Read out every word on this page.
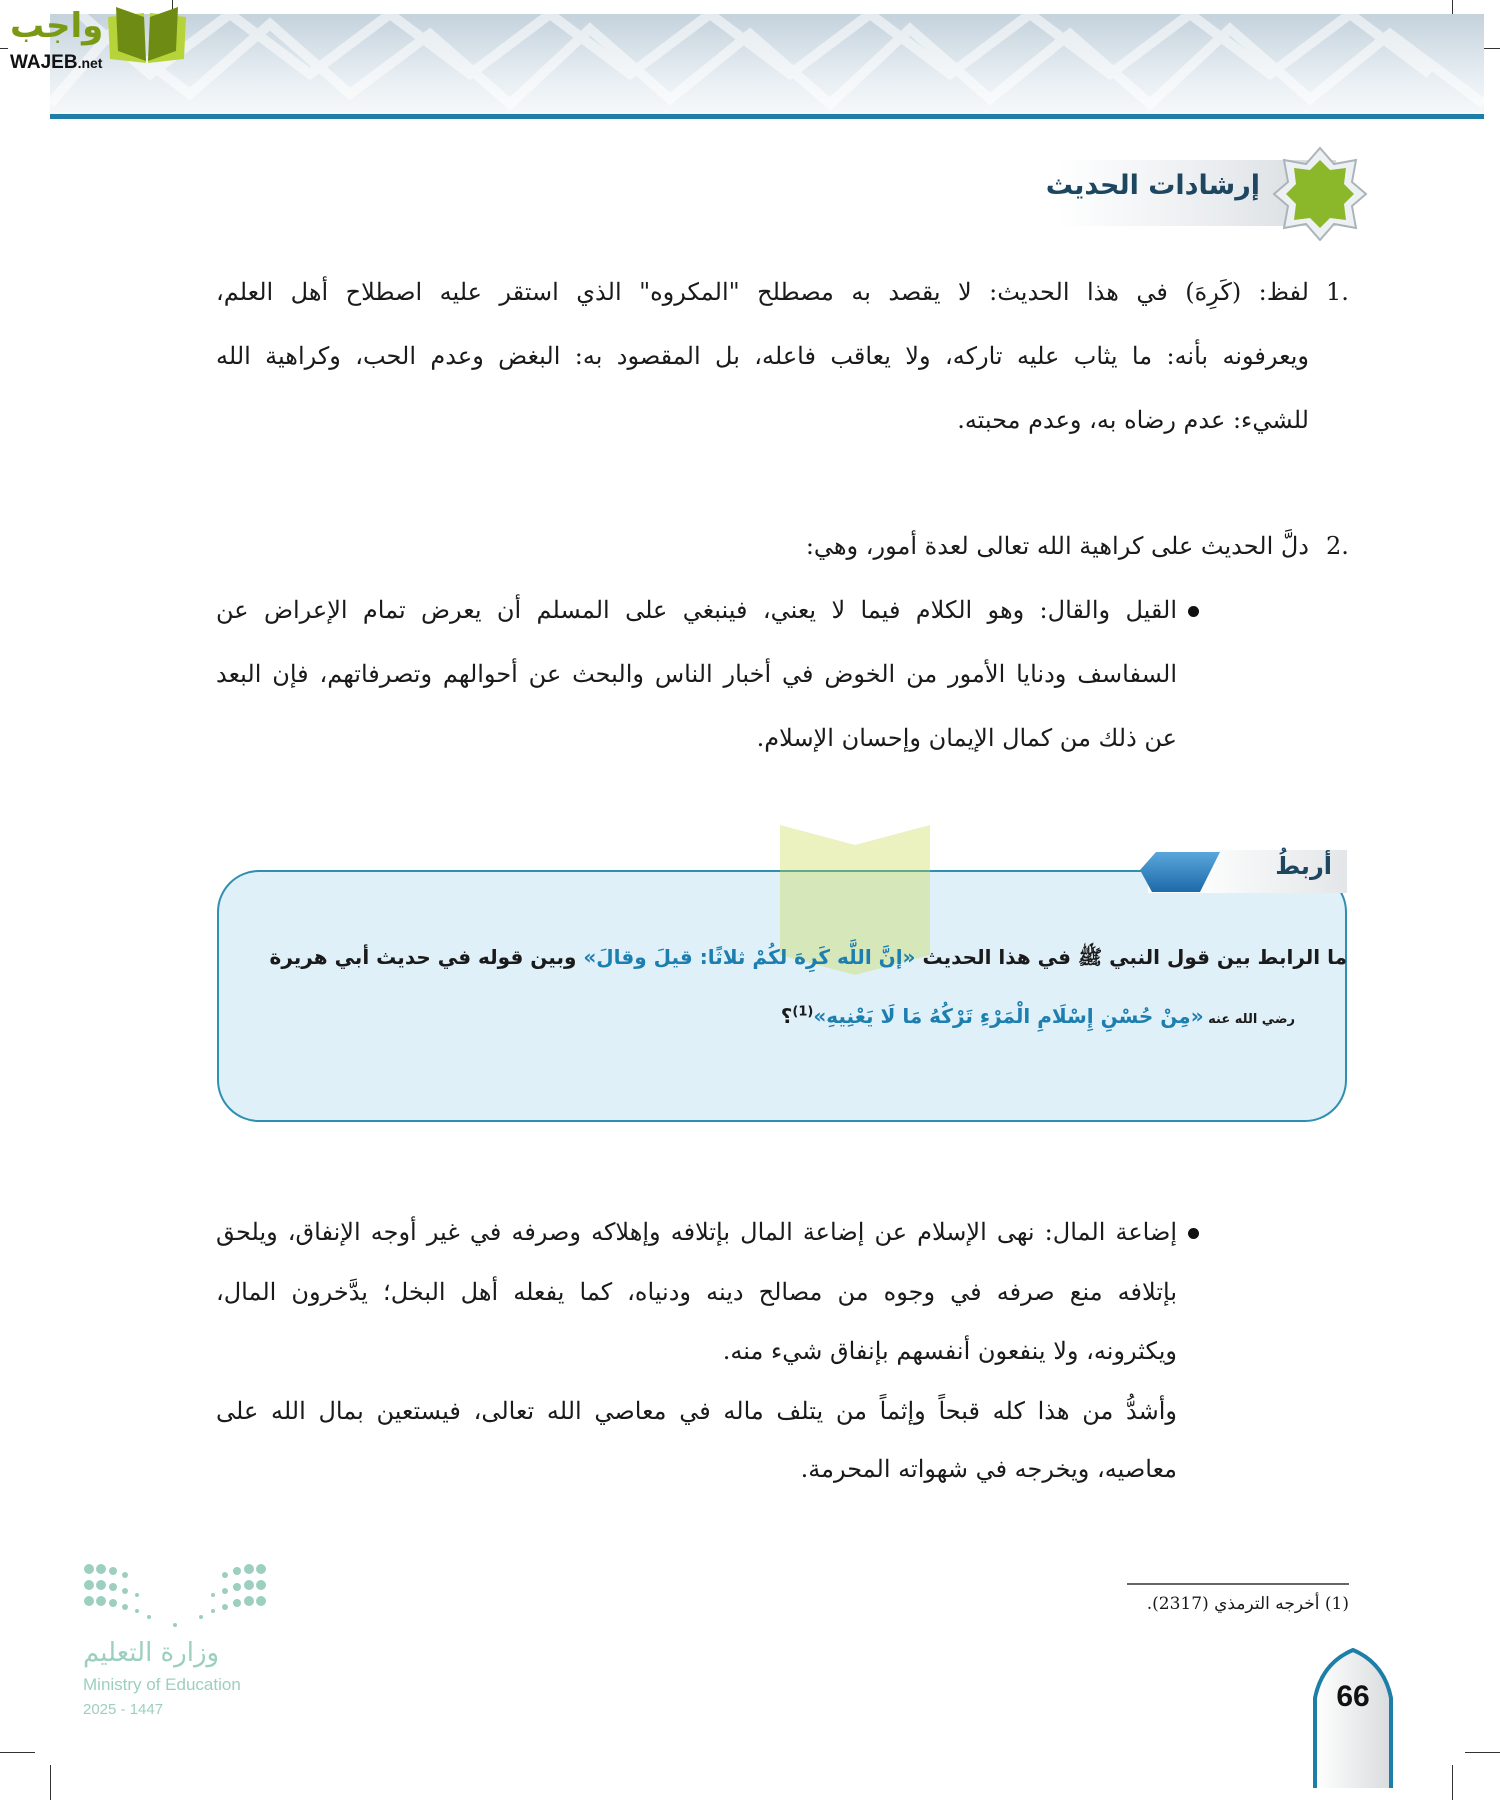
واجب
WAJEB.net
إرشادات الحديث
1.
لفظ: (كَرِهَ) في هذا الحديث: لا يقصد به مصطلح "المكروه" الذي استقر عليه اصطلاح أهل العلم،
ويعرفونه بأنه: ما يثاب عليه تاركه، ولا يعاقب فاعله، بل المقصود به: البغض وعدم الحب، وكراهية الله
للشيء: عدم رضاه به، وعدم محبته.
2.
دلَّ الحديث على كراهية الله تعالى لعدة أمور، وهي:
القيل والقال: وهو الكلام فيما لا يعني، فينبغي على المسلم أن يعرض تمام الإعراض عن
السفاسف ودنايا الأمور من الخوض في أخبار الناس والبحث عن أحوالهم وتصرفاتهم، فإن البعد
عن ذلك من كمال الإيمان وإحسان الإسلام.
أربطُ
ما الرابط بين قول النبي ﷺ في هذا الحديث «إنَّ اللَّه كَرِهَ لكُمْ ثلاثًا: قيلَ وقالَ» وبين قوله في حديث أبي هريرة
رضي الله عنه «مِنْ حُسْنِ إِسْلَامِ الْمَرْءِ تَرْكُهُ مَا لَا يَعْنِيهِ»$^{(1)}$؟
إضاعة المال: نهى الإسلام عن إضاعة المال بإتلافه وإهلاكه وصرفه في غير أوجه الإنفاق، ويلحق
بإتلافه منع صرفه في وجوه من مصالح دينه ودنياه، كما يفعله أهل البخل؛ يدَّخرون المال،
ويكثرونه، ولا ينفعون أنفسهم بإنفاق شيء منه.
وأشدُّ من هذا كله قبحاً وإثماً من يتلف ماله في معاصي الله تعالى، فيستعين بمال الله على
معاصيه، ويخرجه في شهواته المحرمة.
(1) أخرجه الترمذي (2317).
66
وزارة التعليم
Ministry of Education
2025 - 1447
